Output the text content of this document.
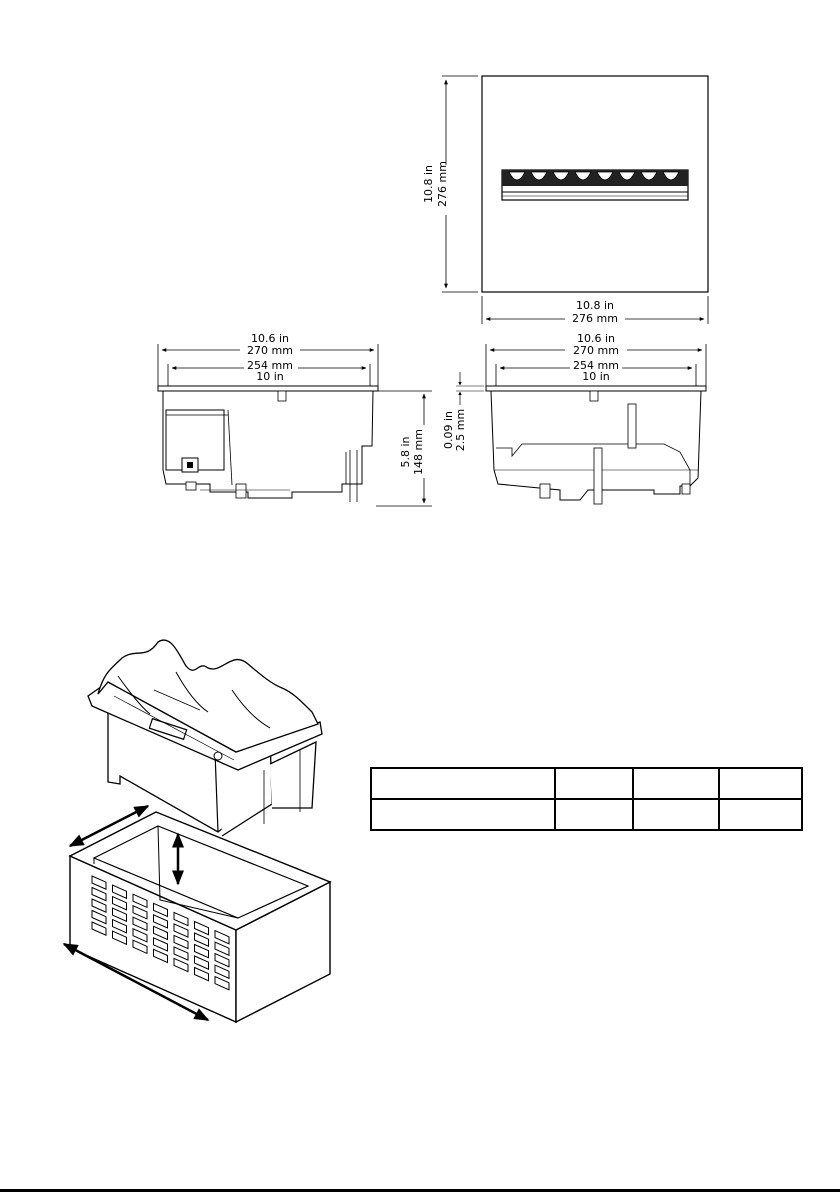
10.8 in 276 mm
10.8 in
276 mm
10.6 in
270 mm
254 mm
10 in
5.8 in 148 mm
10.6 in
270 mm
254 mm
10 in
0.09 in 2.5 mm
